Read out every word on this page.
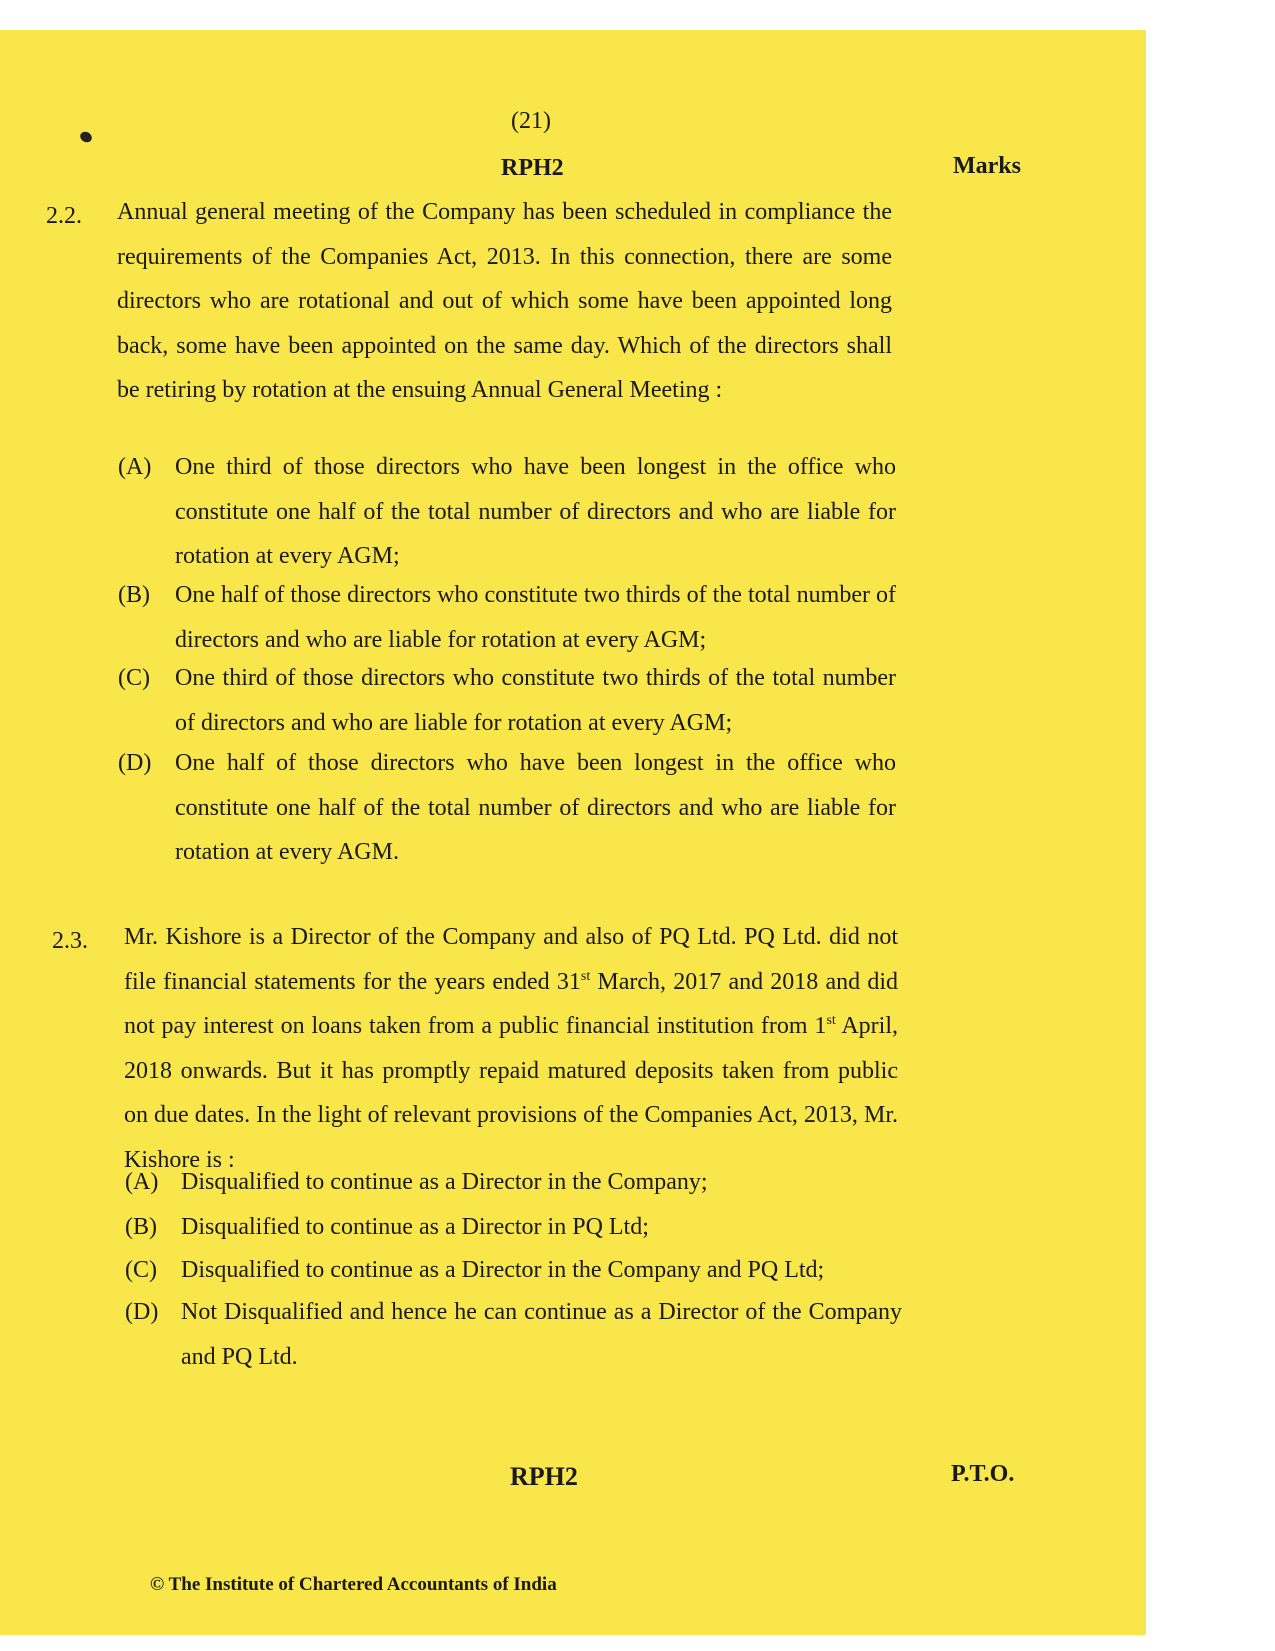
(21)
RPH2	Marks
2.2. Annual general meeting of the Company has been scheduled in compliance the requirements of the Companies Act, 2013. In this connection, there are some directors who are rotational and out of which some have been appointed long back, some have been appointed on the same day. Which of the directors shall be retiring by rotation at the ensuing Annual General Meeting :
(A) One third of those directors who have been longest in the office who constitute one half of the total number of directors and who are liable for rotation at every AGM;
(B) One half of those directors who constitute two thirds of the total number of directors and who are liable for rotation at every AGM;
(C) One third of those directors who constitute two thirds of the total number of directors and who are liable for rotation at every AGM;
(D) One half of those directors who have been longest in the office who constitute one half of the total number of directors and who are liable for rotation at every AGM.
2.3. Mr. Kishore is a Director of the Company and also of PQ Ltd. PQ Ltd. did not file financial statements for the years ended 31st March, 2017 and 2018 and did not pay interest on loans taken from a public financial institution from 1st April, 2018 onwards. But it has promptly repaid matured deposits taken from public on due dates. In the light of relevant provisions of the Companies Act, 2013, Mr. Kishore is :
(A) Disqualified to continue as a Director in the Company;
(B) Disqualified to continue as a Director in PQ Ltd;
(C) Disqualified to continue as a Director in the Company and PQ Ltd;
(D) Not Disqualified and hence he can continue as a Director of the Company and PQ Ltd.
RPH2	P.T.O.
© The Institute of Chartered Accountants of India
